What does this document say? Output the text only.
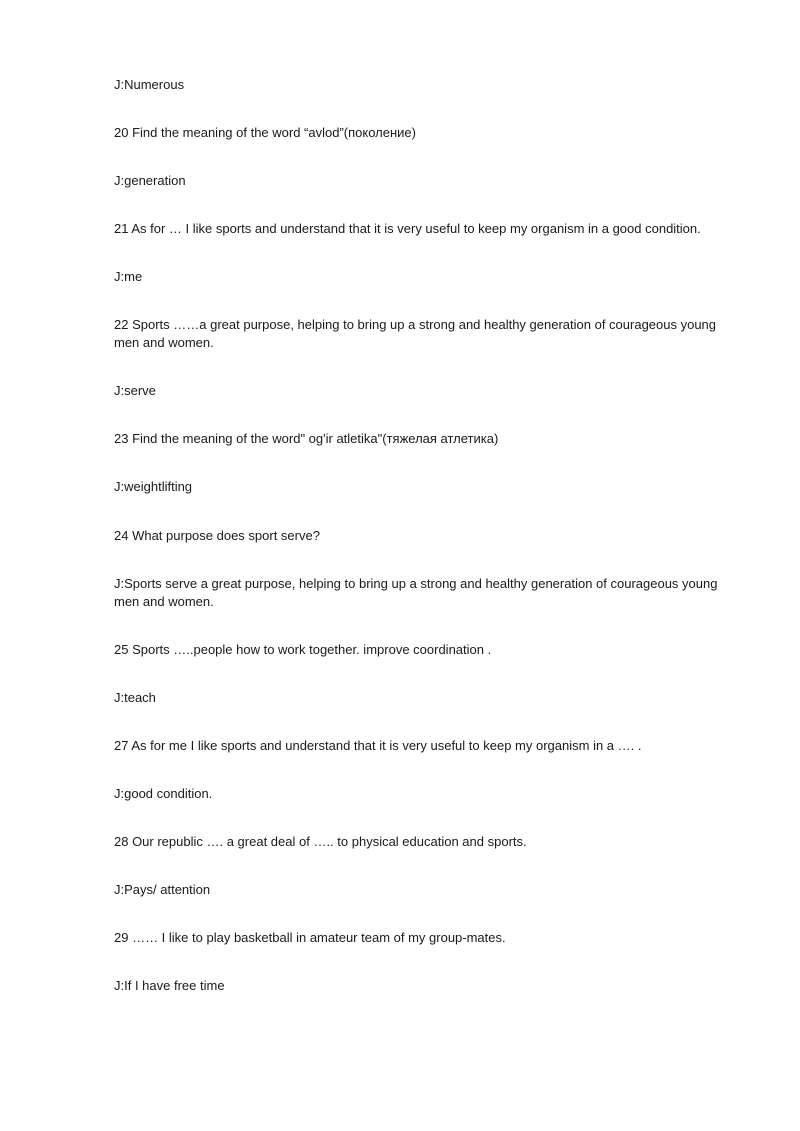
J:Numerous
20 Find the meaning of the word “avlod”(поколение)
J:generation
21 As for … I like sports and understand that it is very useful to keep my organism in a good condition.
J:me
22 Sports ……a great purpose, helping to bring up a strong and healthy generation of courageous young men and women.
J:serve
23 Find the meaning of the word" og'ir atletika"(тяжелая атлетика)
J:weightlifting
24 What purpose does sport serve?
J:Sports serve a great purpose, helping to bring up a strong and healthy generation of courageous young men and women.
25 Sports …..people how to work together. improve coordination .
J:teach
27 As for me I like sports and understand that it is very useful to keep my organism in a …. .
J:good condition.
28 Our republic …. a great deal of ….. to physical education and sports.
J:Pays/ attention
29 …… I like to play basketball in amateur team of my group-mates.
J:If I have free time
